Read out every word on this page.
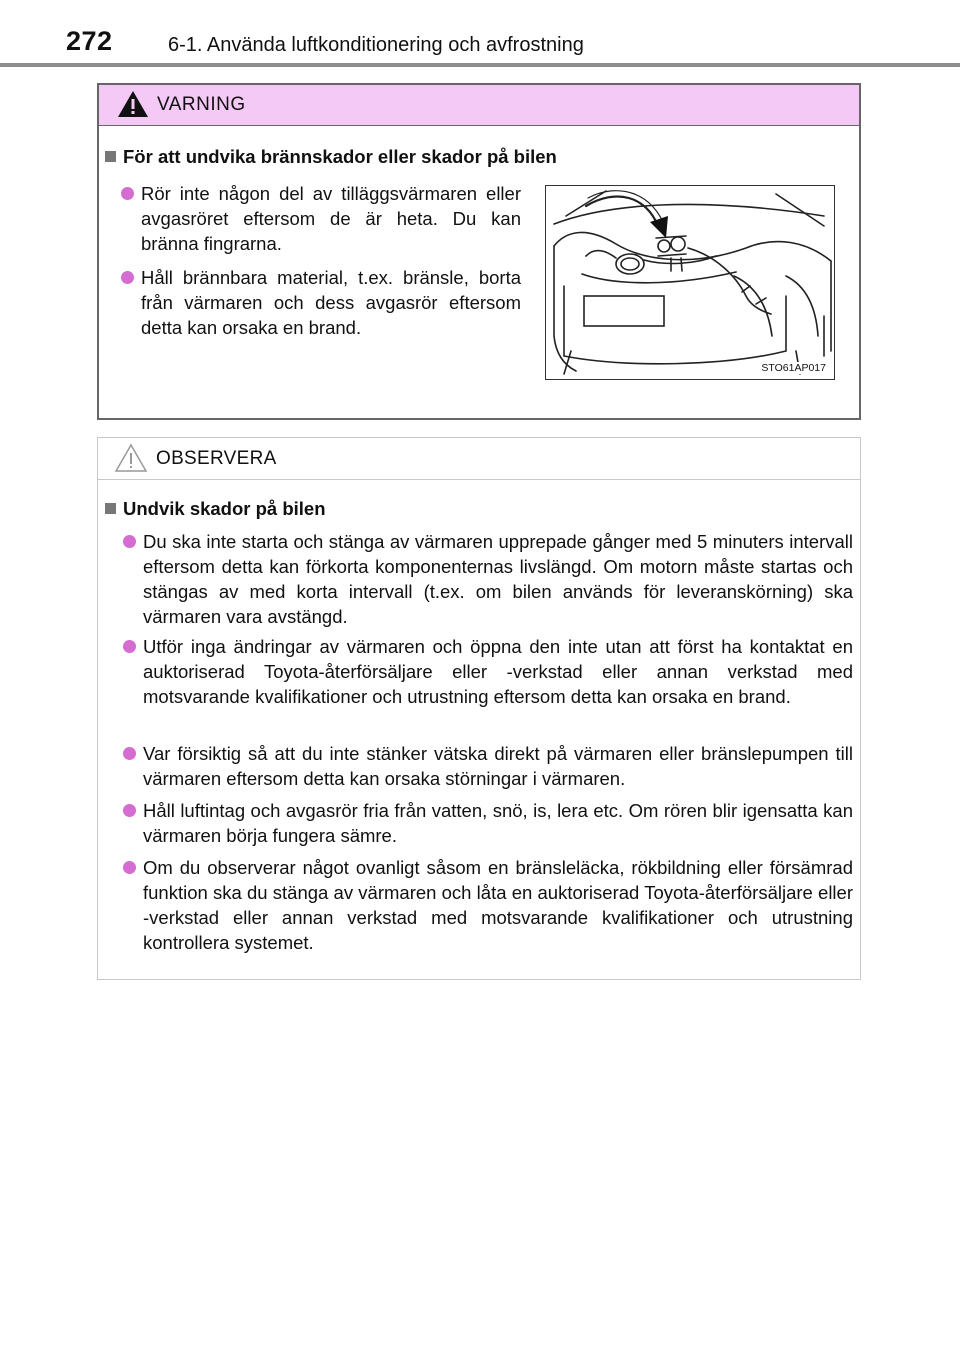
272	6-1. Använda luftkonditionering och avfrostning
VARNING
För att undvika brännskador eller skador på bilen
Rör inte någon del av tilläggsvärmaren eller avgasröret eftersom de är heta. Du kan bränna fingrarna.
Håll brännbara material, t.ex. bränsle, borta från värmaren och dess avgasrör eftersom detta kan orsaka en brand.
STO61AP017
OBSERVERA
Undvik skador på bilen
Du ska inte starta och stänga av värmaren upprepade gånger med 5 minuters intervall eftersom detta kan förkorta komponenternas livslängd. Om motorn måste startas och stängas av med korta intervall (t.ex. om bilen används för leveranskörning) ska värmaren vara avstängd.
Utför inga ändringar av värmaren och öppna den inte utan att först ha kontaktat en auktoriserad Toyota-återförsäljare eller -verkstad eller annan verkstad med motsvarande kvalifikationer och utrustning eftersom detta kan orsaka en brand.
Var försiktig så att du inte stänker vätska direkt på värmaren eller bränslepumpen till värmaren eftersom detta kan orsaka störningar i värmaren.
Håll luftintag och avgasrör fria från vatten, snö, is, lera etc. Om rören blir igensatta kan värmaren börja fungera sämre.
Om du observerar något ovanligt såsom en bränsleläcka, rökbildning eller försämrad funktion ska du stänga av värmaren och låta en auktoriserad Toyota-återförsäljare eller -verkstad eller annan verkstad med motsvarande kvalifikationer och utrustning kontrollera systemet.
